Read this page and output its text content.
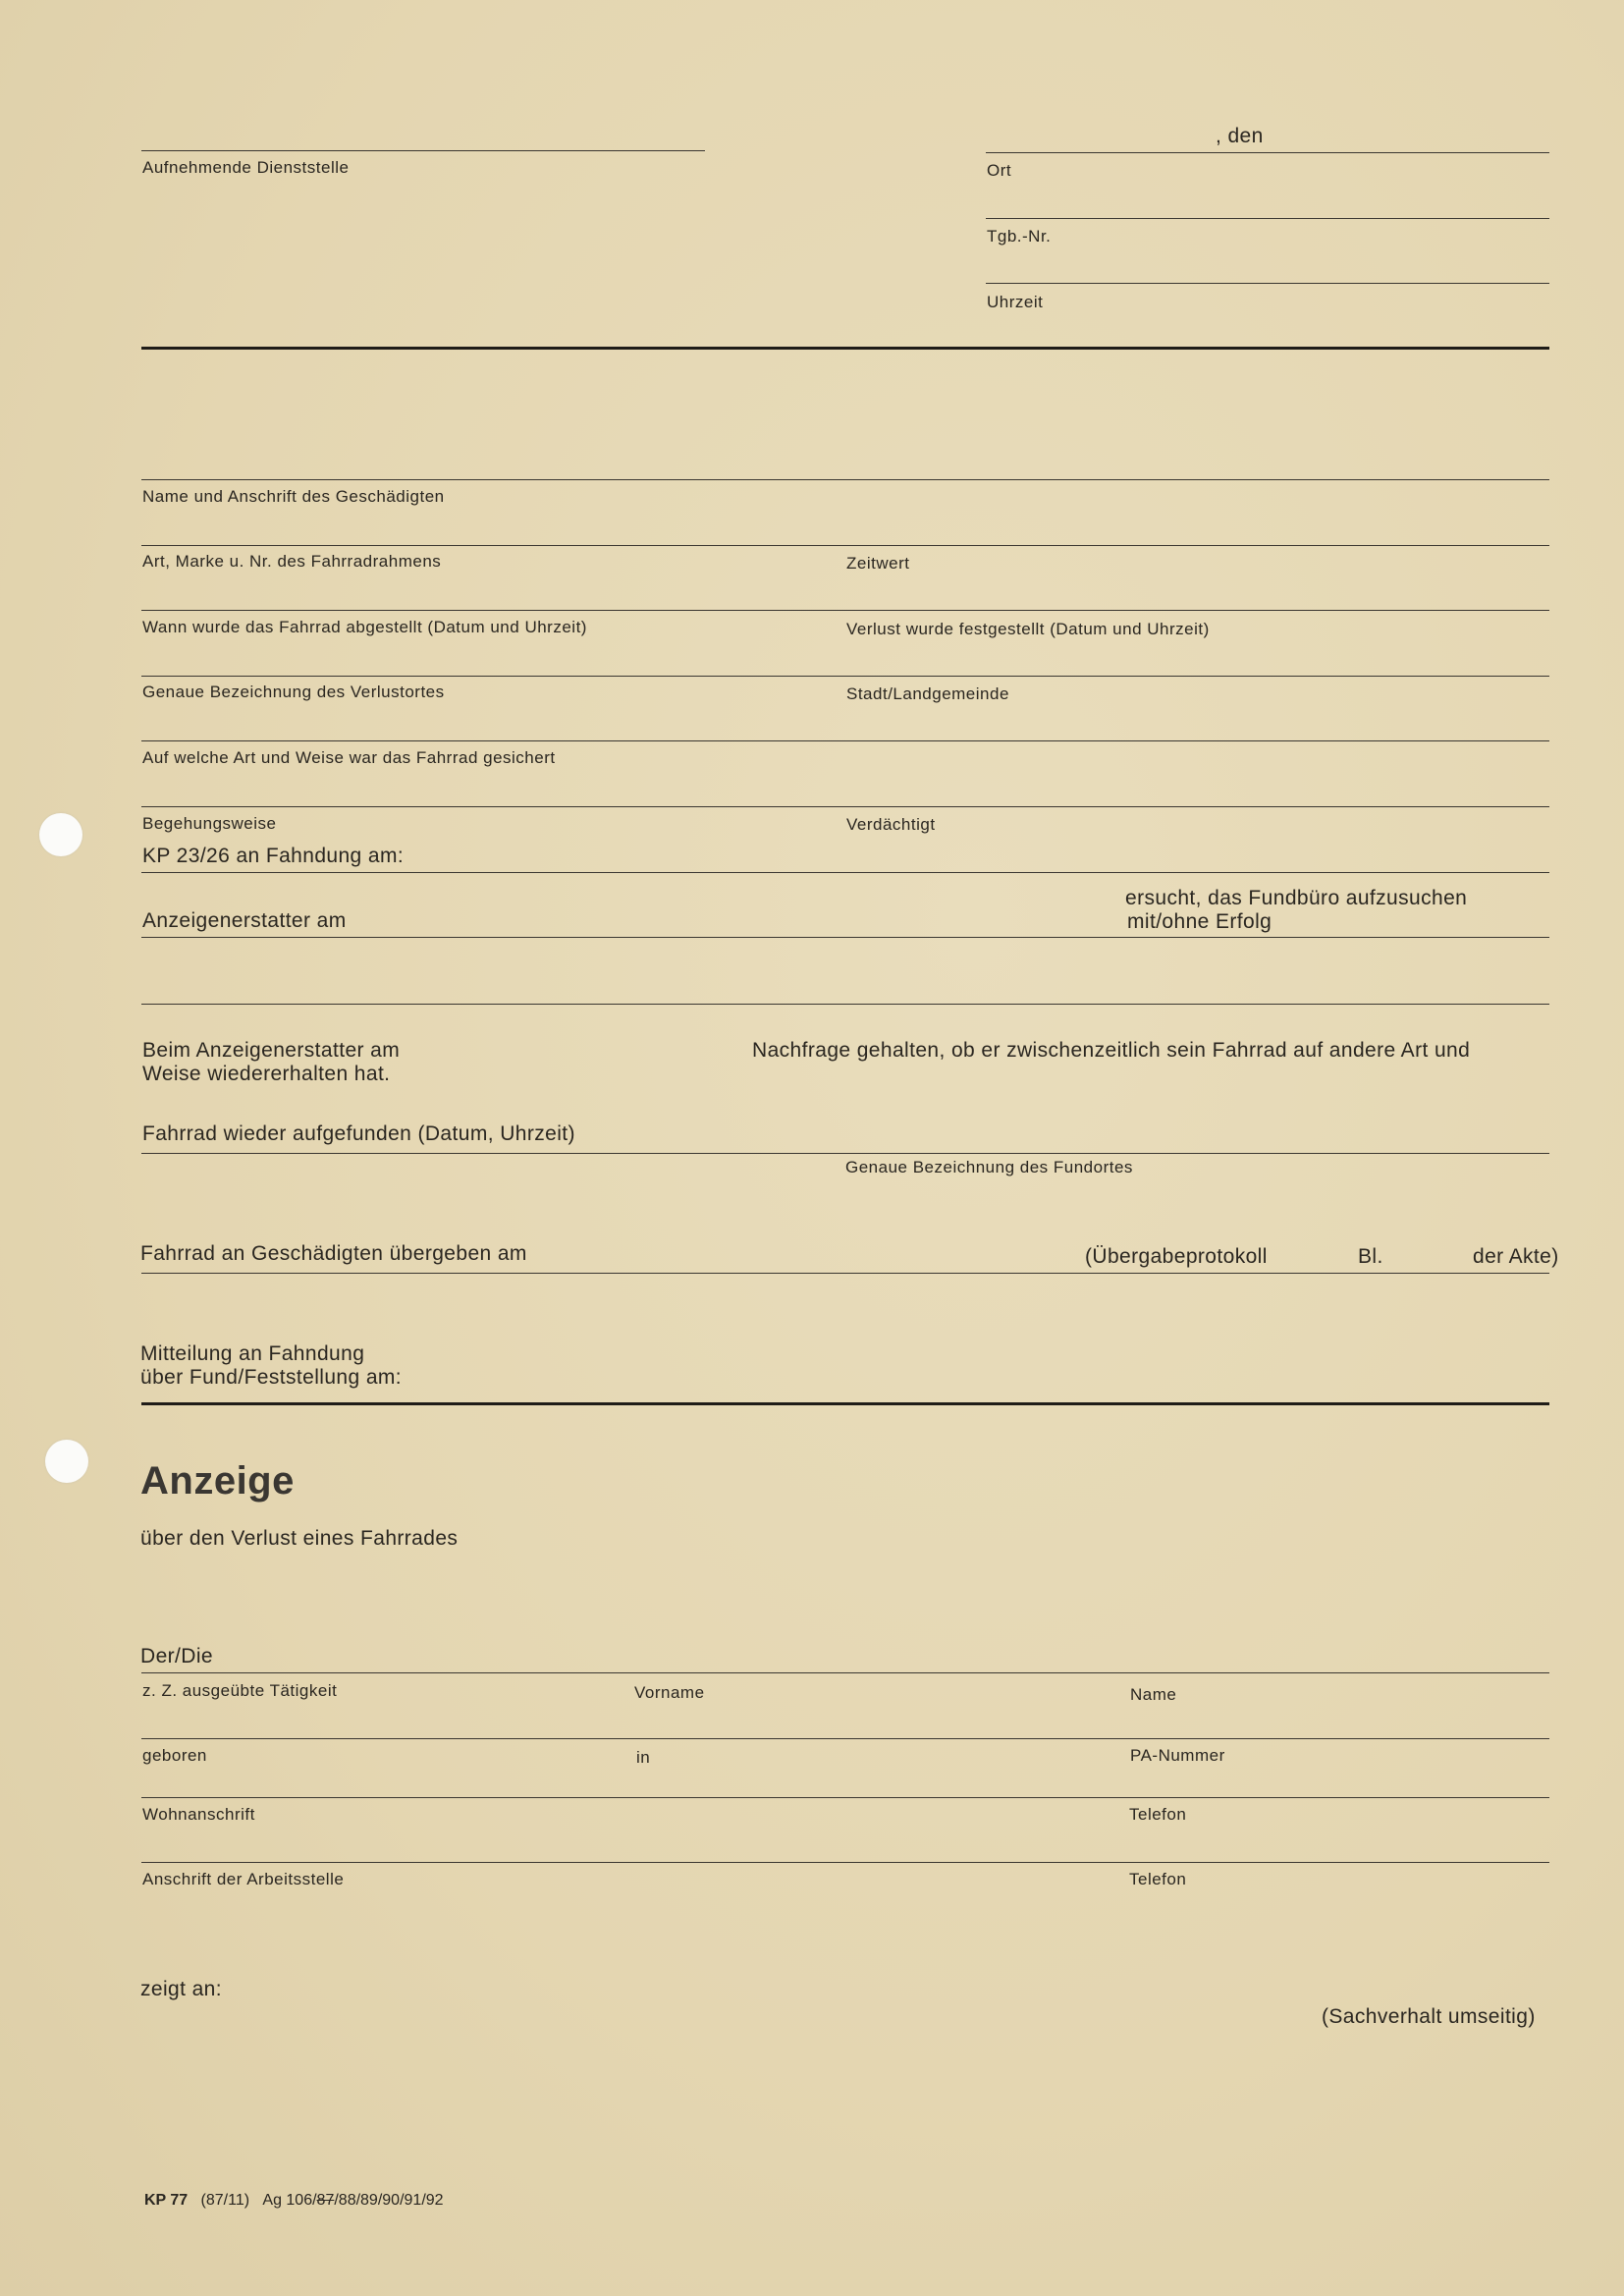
Aufnehmende Dienststelle
, den
Ort
Tgb.-Nr.
Uhrzeit
Name und Anschrift des Geschädigten
Art, Marke u. Nr. des Fahrradrahmens	Zeitwert
Wann wurde das Fahrrad abgestellt (Datum und Uhrzeit)	Verlust wurde festgestellt (Datum und Uhrzeit)
Genaue Bezeichnung des Verlustortes	Stadt/Landgemeinde
Auf welche Art und Weise war das Fahrrad gesichert
Begehungsweise	Verdächtigt
KP 23/26 an Fahndung am:
Anzeigenerstatter am
ersucht, das Fundbüro aufzusuchen
mit/ohne Erfolg
Beim Anzeigenerstatter am
Weise wiedererhalten hat.
Nachfrage gehalten, ob er zwischenzeitlich sein Fahrrad auf andere Art und
Fahrrad wieder aufgefunden (Datum, Uhrzeit)
Genaue Bezeichnung des Fundortes
Fahrrad an Geschädigten übergeben am	(Übergabeprotokoll	Bl.	der Akte)
Mitteilung an Fahndung
über Fund/Feststellung am:
Anzeige
über den Verlust eines Fahrrades
Der/Die
z. Z. ausgeübte Tätigkeit	Vorname	Name
geboren	in	PA-Nummer
Wohnanschrift	Telefon
Anschrift der Arbeitsstelle	Telefon
zeigt an:
(Sachverhalt umseitig)
KP 77 (87/11) Ag 106/87/88/89/90/91/92
